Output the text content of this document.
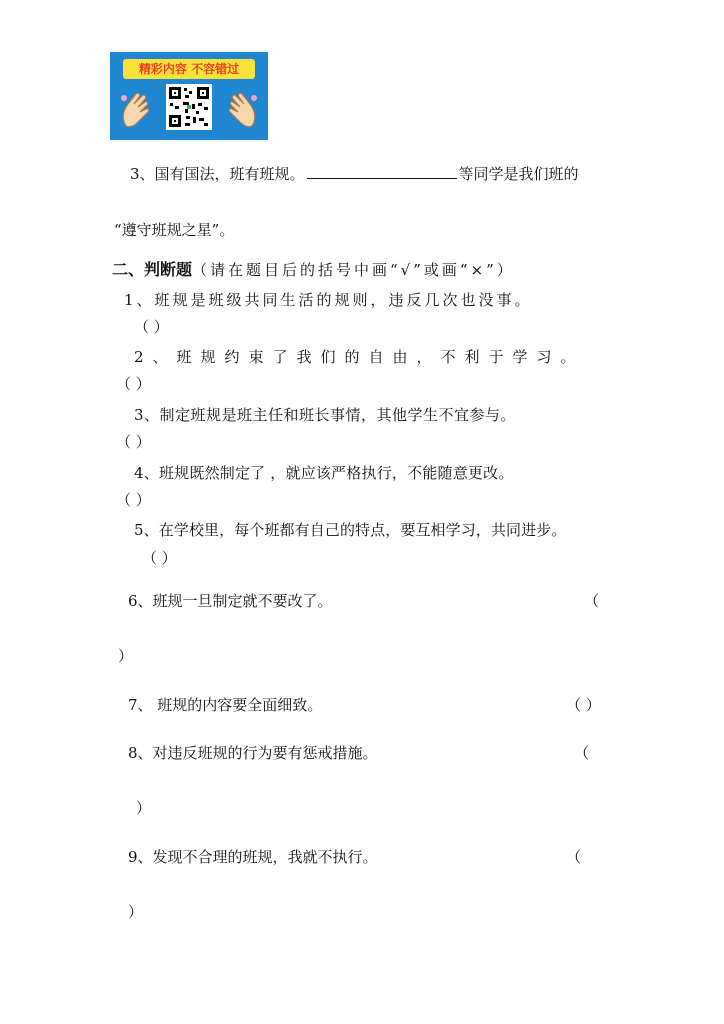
精彩内容 不容错过
3、国有国法，班有班规。	等同学是我们班的
“遵守班规之星”。
二、判断题（请在题目后的括号中画“√”或画“×”）
1、班规是班级共同生活的规则，违反几次也没事。
（ ）
2、班规约束了我们的自由，不利于学习。
（ ）
3、制定班规是班主任和班长事情，其他学生不宜参与。
（ ）
4、班规既然制定了 ，就应该严格执行，不能随意更改。
（ ）
5、在学校里，每个班都有自己的特点，要互相学习，共同进步。
（ ）
6、班规一旦制定就不要改了。	（
）
7、 班规的内容要全面细致。	（ ）
8、对违反班规的行为要有惩戒措施。	（
）
9、发现不合理的班规，我就不执行。	（
）
